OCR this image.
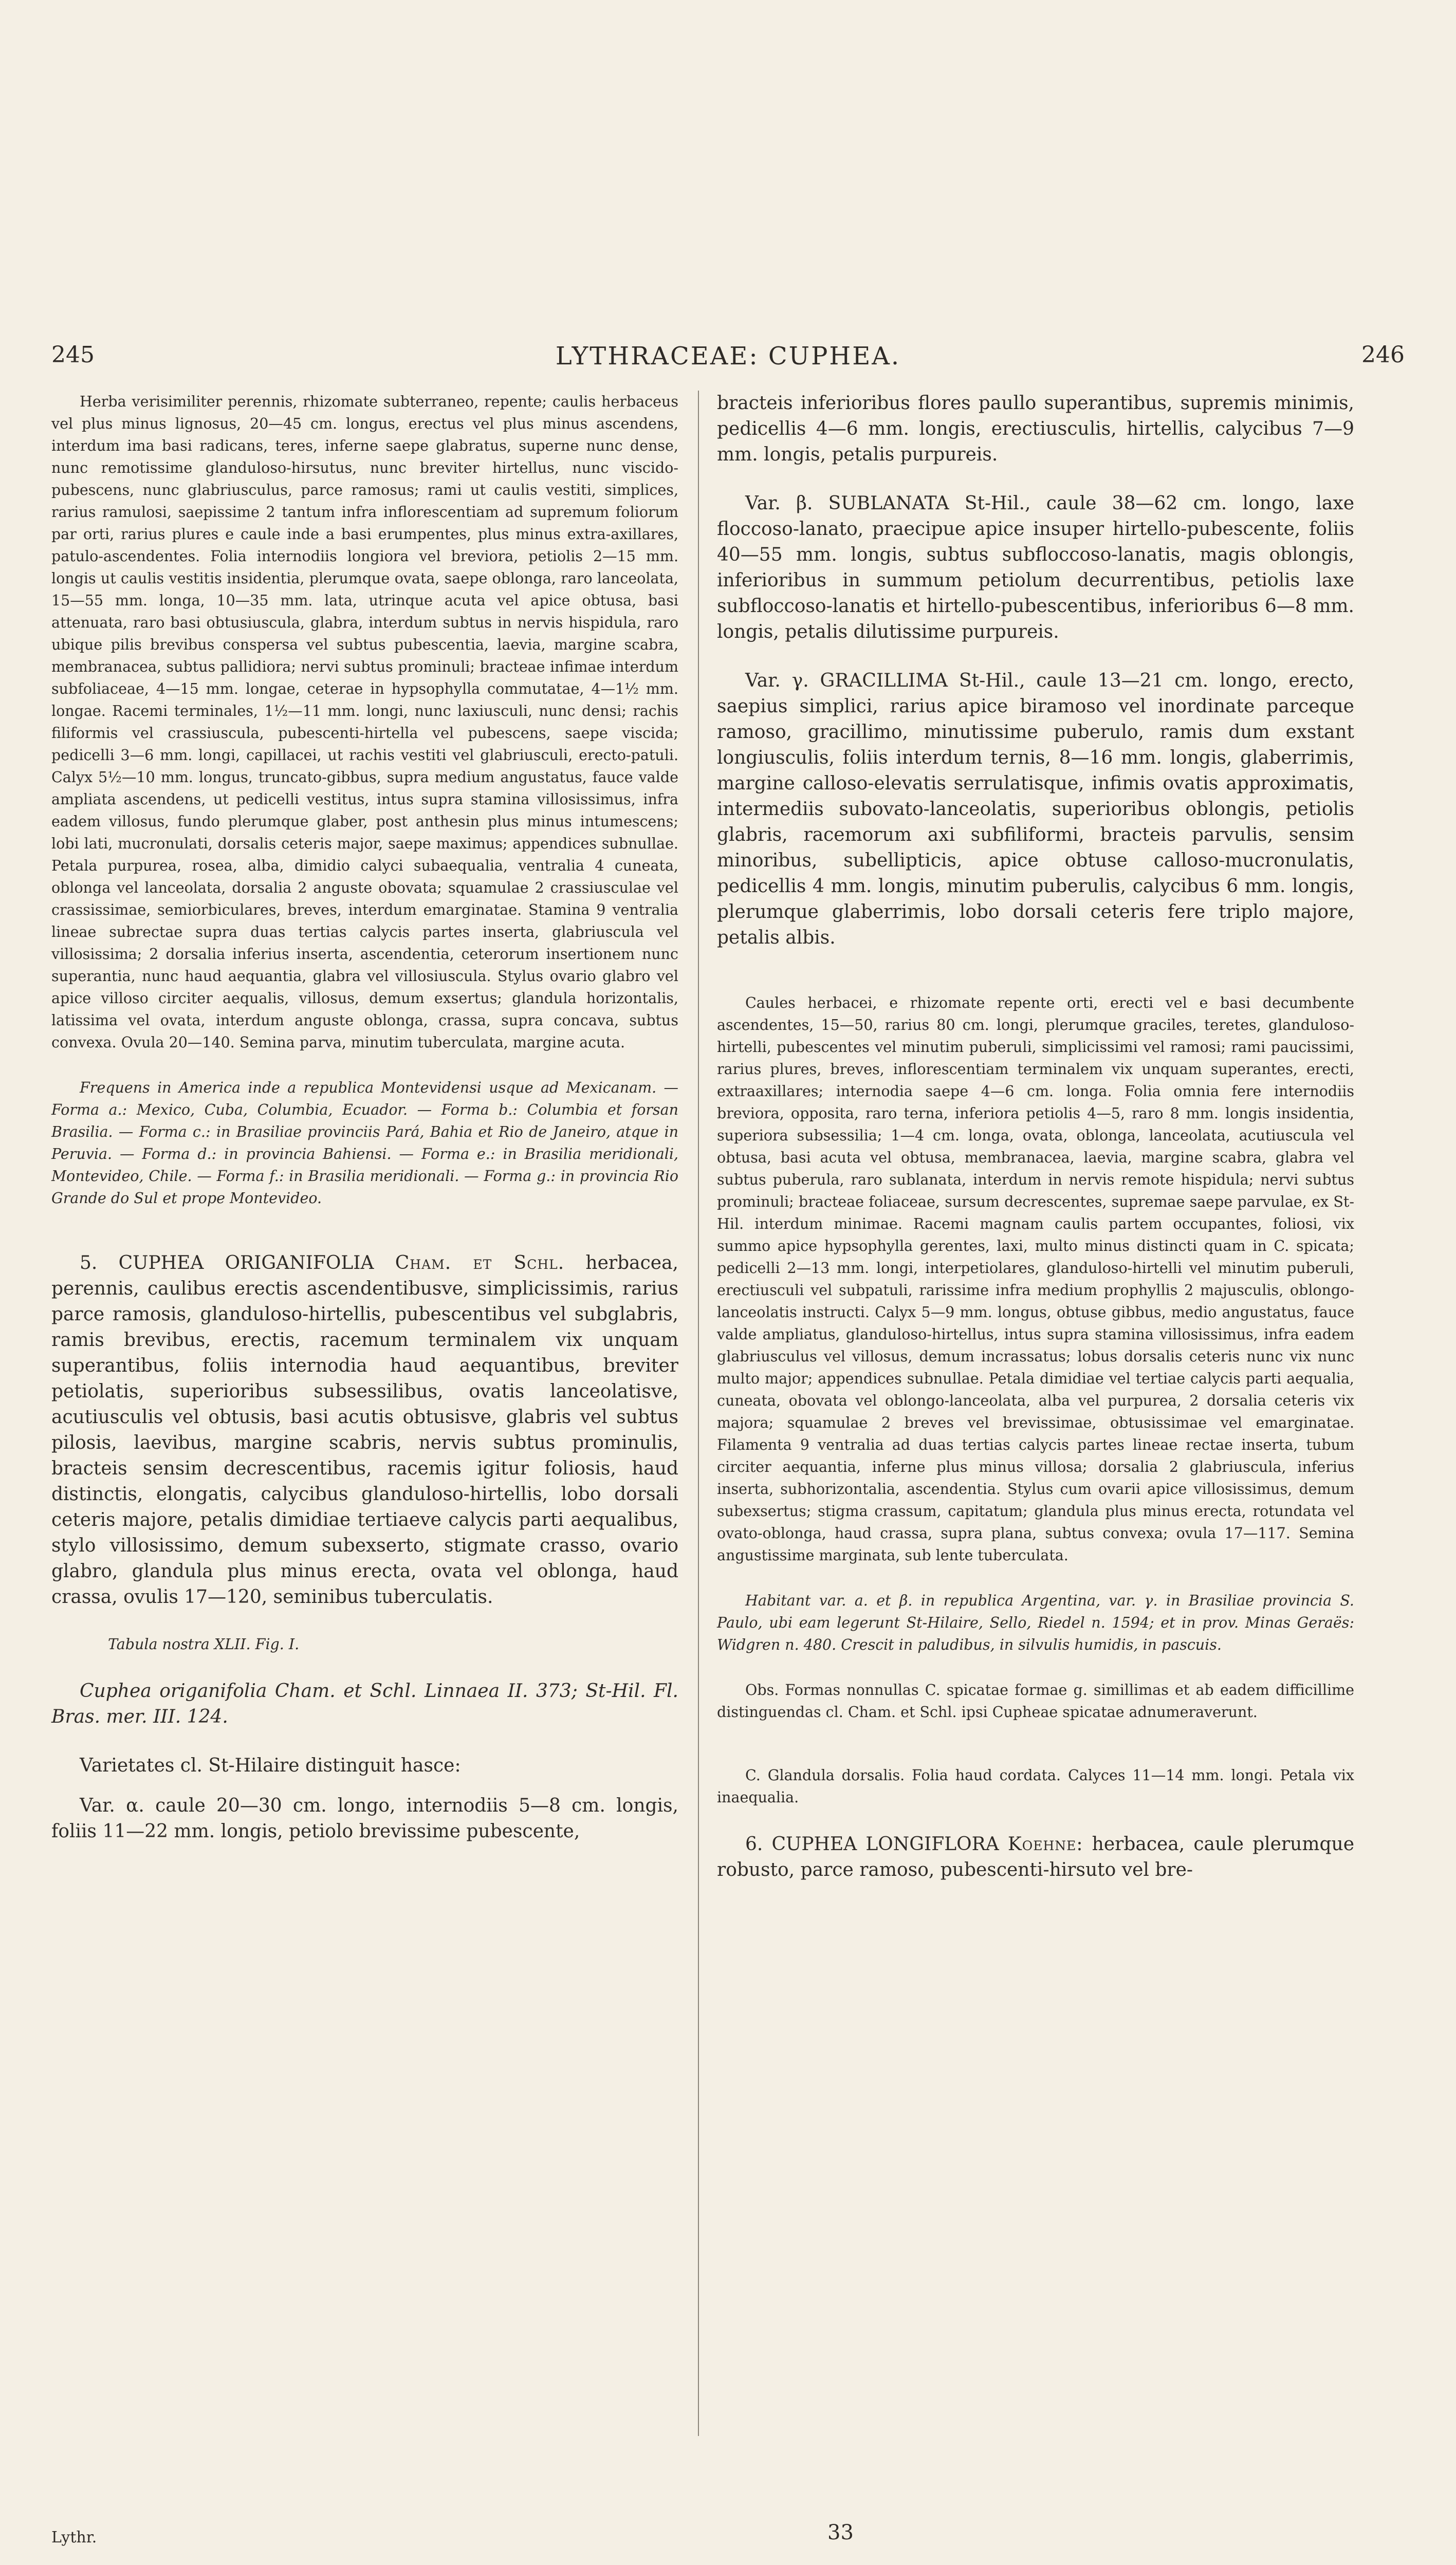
245	LYTHRACEAE: CUPHEA.	246

Herba verisimiliter perennis, rhizomate subterraneo, repente; caulis herbaceus vel plus minus lignosus, 20—45 cm. longus, erectus vel plus minus ascendens, interdum ima basi radicans, teres, inferne saepe glabratus, superne nunc dense, nunc remotissime glanduloso-hirsutus, nunc breviter hirtellus, nunc viscido-pubescens, nunc glabriusculus, parce ramosus; rami ut caulis vestiti, simplices, rarius ramulosi, saepissime 2 tantum infra inflorescentiam ad supremum foliorum par orti, rarius plures e caule inde a basi erumpentes, plus minus extra-axillares, patulo-ascendentes. Folia internodiis longiora vel breviora, petiolis 2—15 mm. longis ut caulis vestitis insidentia, plerumque ovata, saepe oblonga, raro lanceolata, 15—55 mm. longa, 10—35 mm. lata, utrinque acuta vel apice obtusa, basi attenuata, raro basi obtusiuscula, glabra, interdum subtus in nervis hispidula, raro ubique pilis brevibus conspersa vel subtus pubescentia, laevia, margine scabra, membranacea, subtus pallidiora; nervi subtus prominuli; bracteae infimae interdum subfoliaceae, 4—15 mm. longae, ceterae in hypsophylla commutatae, 4—1½ mm. longae. Racemi terminales, 1½—11 mm. longi, nunc laxiusculi, nunc densi; rachis filiformis vel crassiuscula, pubescenti-hirtella vel pubescens, saepe viscida; pedicelli 3—6 mm. longi, capillacei, ut rachis vestiti vel glabriusculi, erecto-patuli. Calyx 5½—10 mm. longus, truncato-gibbus, supra medium angustatus, fauce valde ampliata ascendens, ut pedicelli vestitus, intus supra stamina villosissimus, infra eadem villosus, fundo plerumque glaber, post anthesin plus minus intumescens; lobi lati, mucronulati, dorsalis ceteris major, saepe maximus; appendices subnullae. Petala purpurea, rosea, alba, dimidio calyci subaequalia, ventralia 4 cuneata, oblonga vel lanceolata, dorsalia 2 anguste obovata; squamulae 2 crassiusculae vel crassissimae, semiorbiculares, breves, interdum emarginatae. Stamina 9 ventralia lineae subrectae supra duas tertias calycis partes inserta, glabriuscula vel villosissima; 2 dorsalia inferius inserta, ascendentia, ceterorum insertionem nunc superantia, nunc haud aequantia, glabra vel villosiuscula. Stylus ovario glabro vel apice villoso circiter aequalis, villosus, demum exsertus; glandula horizontalis, latissima vel ovata, interdum anguste oblonga, crassa, supra concava, subtus convexa. Ovula 20—140. Semina parva, minutim tuberculata, margine acuta.

Frequens in America inde a republica Montevidensi usque ad Mexicanam. — Forma a.: Mexico, Cuba, Columbia, Ecuador. — Forma b.: Columbia et forsan Brasilia. — Forma c.: in Brasiliae provinciis Pará, Bahia et Rio de Janeiro, atque in Peruvia. — Forma d.: in provincia Bahiensi. — Forma e.: in Brasilia meridionali, Montevideo, Chile. — Forma f.: in Brasilia meridionali. — Forma g.: in provincia Rio Grande do Sul et prope Montevideo.

5. CUPHEA ORIGANIFOLIA Cham. et Schl. herbacea, perennis, caulibus erectis ascendentibusve, simplicissimis, rarius parce ramosis, glanduloso-hirtellis, pubescentibus vel subglabris, ramis brevibus, erectis, racemum terminalem vix unquam superantibus, foliis internodia haud aequantibus, breviter petiolatis, superioribus subsessilibus, ovatis lanceolatisve, acutiusculis vel obtusis, basi acutis obtusisve, glabris vel subtus pilosis, laevibus, margine scabris, nervis subtus prominulis, bracteis sensim decrescentibus, racemis igitur foliosis, haud distinctis, elongatis, calycibus glanduloso-hirtellis, lobo dorsali ceteris majore, petalis dimidiae tertiaeve calycis parti aequalibus, stylo villosissimo, demum subexserto, stigmate crasso, ovario glabro, glandula plus minus erecta, ovata vel oblonga, haud crassa, ovulis 17—120, seminibus tuberculatis.

Tabula nostra XLII. Fig. I.

Cuphea origanifolia Cham. et Schl. Linnaea II. 373; St-Hil. Fl. Bras. mer. III. 124.

Varietates cl. St-Hilaire distinguit hasce:

Var. α. caule 20—30 cm. longo, internodiis 5—8 cm. longis, foliis 11—22 mm. longis, petiolo brevissime pubescente,

bracteis inferioribus flores paullo superantibus, supremis minimis, pedicellis 4—6 mm. longis, erectiusculis, hirtellis, calycibus 7—9 mm. longis, petalis purpureis.

Var. β. SUBLANATA St-Hil., caule 38—62 cm. longo, laxe floccoso-lanato, praecipue apice insuper hirtello-pubescente, foliis 40—55 mm. longis, subtus subfloccoso-lanatis, magis oblongis, inferioribus in summum petiolum decurrentibus, petiolis laxe subfloccoso-lanatis et hirtello-pubescentibus, inferioribus 6—8 mm. longis, petalis dilutissime purpureis.

Var. γ. GRACILLIMA St-Hil., caule 13—21 cm. longo, erecto, saepius simplici, rarius apice biramoso vel inordinate parceque ramoso, gracillimo, minutissime puberulo, ramis dum exstant longiusculis, foliis interdum ternis, 8—16 mm. longis, glaberrimis, margine calloso-elevatis serrulatisque, infimis ovatis approximatis, intermediis subovato-lanceolatis, superioribus oblongis, petiolis glabris, racemorum axi subfiliformi, bracteis parvulis, sensim minoribus, subellipticis, apice obtuse calloso-mucronulatis, pedicellis 4 mm. longis, minutim puberulis, calycibus 6 mm. longis, plerumque glaberrimis, lobo dorsali ceteris fere triplo majore, petalis albis.

Caules herbacei, e rhizomate repente orti, erecti vel e basi decumbente ascendentes, 15—50, rarius 80 cm. longi, plerumque graciles, teretes, glanduloso-hirtelli, pubescentes vel minutim puberuli, simplicissimi vel ramosi; rami paucissimi, rarius plures, breves, inflorescentiam terminalem vix unquam superantes, erecti, extraaxillares; internodia saepe 4—6 cm. longa. Folia omnia fere internodiis breviora, opposita, raro terna, inferiora petiolis 4—5, raro 8 mm. longis insidentia, superiora subsessilia; 1—4 cm. longa, ovata, oblonga, lanceolata, acutiuscula vel obtusa, basi acuta vel obtusa, membranacea, laevia, margine scabra, glabra vel subtus puberula, raro sublanata, interdum in nervis remote hispidula; nervi subtus prominuli; bracteae foliaceae, sursum decrescentes, supremae saepe parvulae, ex St-Hil. interdum minimae. Racemi magnam caulis partem occupantes, foliosi, vix summo apice hypsophylla gerentes, laxi, multo minus distincti quam in C. spicata; pedicelli 2—13 mm. longi, interpetiolares, glanduloso-hirtelli vel minutim puberuli, erectiusculi vel subpatuli, rarissime infra medium prophyllis 2 majusculis, oblongo-lanceolatis instructi. Calyx 5—9 mm. longus, obtuse gibbus, medio angustatus, fauce valde ampliatus, glanduloso-hirtellus, intus supra stamina villosissimus, infra eadem glabriusculus vel villosus, demum incrassatus; lobus dorsalis ceteris nunc vix nunc multo major; appendices subnullae. Petala dimidiae vel tertiae calycis parti aequalia, cuneata, obovata vel oblongo-lanceolata, alba vel purpurea, 2 dorsalia ceteris vix majora; squamulae 2 breves vel brevissimae, obtusissimae vel emarginatae. Filamenta 9 ventralia ad duas tertias calycis partes lineae rectae inserta, tubum circiter aequantia, inferne plus minus villosa; dorsalia 2 glabriuscula, inferius inserta, subhorizontalia, ascendentia. Stylus cum ovarii apice villosissimus, demum subexsertus; stigma crassum, capitatum; glandula plus minus erecta, rotundata vel ovato-oblonga, haud crassa, supra plana, subtus convexa; ovula 17—117. Semina angustissime marginata, sub lente tuberculata.

Habitant var. a. et β. in republica Argentina, var. γ. in Brasiliae provincia S. Paulo, ubi eam legerunt St-Hilaire, Sello, Riedel n. 1594; et in prov. Minas Geraës: Widgren n. 480. Crescit in paludibus, in silvulis humidis, in pascuis.

Obs. Formas nonnullas C. spicatae formae g. simillimas et ab eadem difficillime distinguendas cl. Cham. et Schl. ipsi Cupheae spicatae adnumeraverunt.

C. Glandula dorsalis. Folia haud cordata. Calyces 11—14 mm. longi. Petala vix inaequalia.

6. CUPHEA LONGIFLORA Koehne: herbacea, caule plerumque robusto, parce ramoso, pubescenti-hirsuto vel bre-

Lythr.	33
